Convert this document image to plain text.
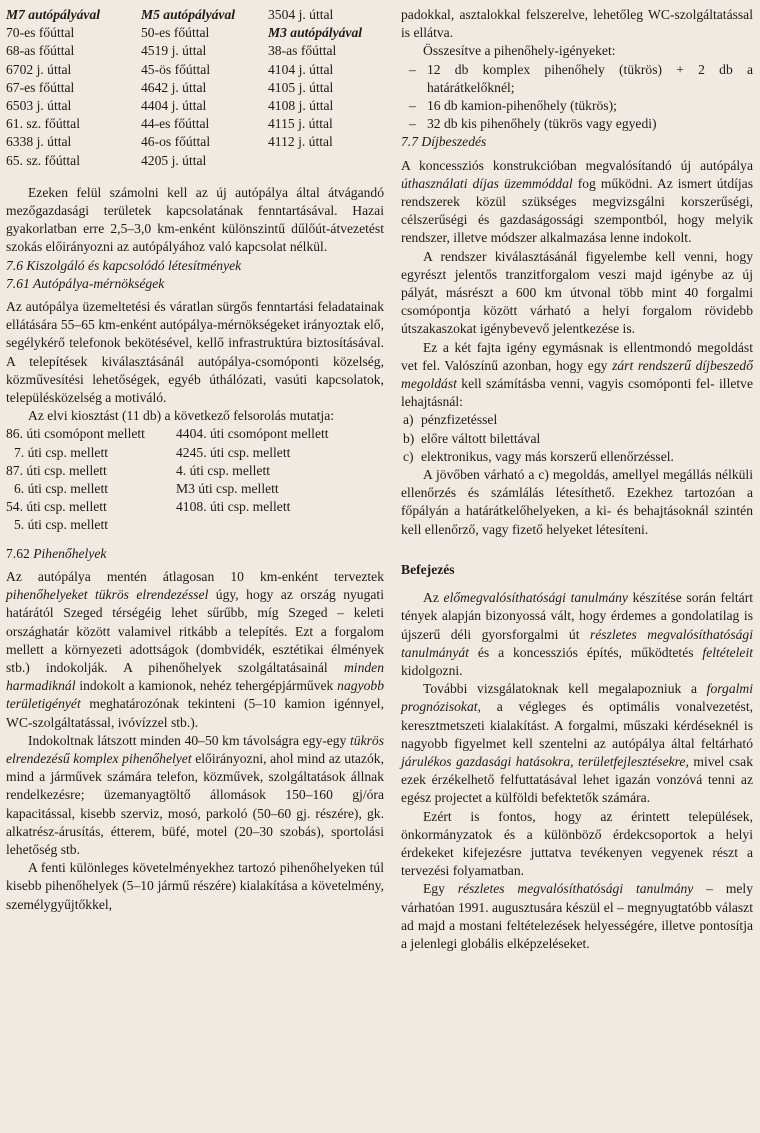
M7 autópályával	M5 autópályával	3504 j. úttal
70-es főúttal	50-es főúttal	M3 autópályával
68-as főúttal	4519 j. úttal	38-as főúttal
6702 j. úttal	45-ös főúttal	4104 j. úttal
67-es főúttal	4642 j. úttal	4105 j. úttal
6503 j. úttal	4404 j. úttal	4108 j. úttal
61. sz. főúttal	44-es főúttal	4115 j. úttal
6338 j. úttal	46-os főúttal	4112 j. úttal
65. sz. főúttal	4205 j. úttal

Ezeken felül számolni kell az új autópálya által átvágandó mezőgazdasági területek kapcsolatának fenntartásával. Hazai gyakorlatban erre 2,5–3,0 km-enként különszintű dűlőút-átvezetést szokás előirányozni az autópályához való kapcsolat nélkül.

7.6 Kiszolgáló és kapcsolódó létesítmények

7.61 Autópálya-mérnökségek

Az autópálya üzemeltetési és váratlan sürgős fenntartási feladatainak ellátására 55–65 km-enként autópálya-mérnökségeket irányoztak elő, segélykérő telefonok bekötésével, kellő infrastruktúra biztosításával. A telepítések kiválasztásánál autópálya-csomóponti közelség, közművesítési lehetőségek, egyéb úthálózati, vasúti kapcsolatok, településközelség a motiváló.

Az elvi kiosztást (11 db) a következő felsorolás mutatja:

86. úti csomópont mellett	4404. úti csomópont mellett
7. úti csp. mellett	4245. úti csp. mellett
87. úti csp. mellett	4. úti csp. mellett
6. úti csp. mellett	M3 úti csp. mellett
54. úti csp. mellett	4108. úti csp. mellett
5. úti csp. mellett

7.62 Pihenőhelyek

Az autópálya mentén átlagosan 10 km-enként terveztek pihenőhelyeket tükrös elrendezéssel úgy, hogy az ország nyugati határától Szeged térségéig lehet sűrűbb, míg Szeged – keleti országhatár között valamivel ritkább a telepítés. Ezt a forgalom mellett a környezeti adottságok (dombvidék, esztétikai élmények stb.) indokolják. A pihenőhelyek szolgáltatásainál minden harmadiknál indokolt a kamionok, nehéz tehergépjárművek nagyobb területigényét meghatározónak tekinteni (5–10 kamion igénnyel, WC-szolgáltatással, ivóvízzel stb.).

Indokoltnak látszott minden 40–50 km távolságra egy-egy tükrös elrendezésű komplex pihenőhelyet előirányozni, ahol mind az utazók, mind a járművek számára telefon, közművek, szolgáltatások állnak rendelkezésre; üzemanyagtöltő állomások 150–160 gj/óra kapacitással, kisebb szerviz, mosó, parkoló (50–60 gj. részére), gk. alkatrész-árusítás, étterem, büfé, motel (20–30 szobás), sportolási lehetőség stb.

A fenti különleges követelményekhez tartozó pihenőhelyeken túl kisebb pihenőhelyek (5–10 jármű részére) kialakítása a követelmény, személygyűjtőkkel,

padokkal, asztalokkal felszerelve, lehetőleg WC-szolgáltatással is ellátva.

Összesítve a pihenőhely-igényeket:

– 12 db komplex pihenőhely (tükrös) + 2 db a határátkelőknél;
– 16 db kamion-pihenőhely (tükrös);
– 32 db kis pihenőhely (tükrös vagy egyedi)

7.7 Díjbeszedés

A koncessziós konstrukcióban megvalósítandó új autópálya úthasználati díjas üzemmóddal fog működni. Az ismert útdíjas rendszerek közül szükséges megvizsgálni korszerűségi, célszerűségi és gazdaságossági szempontból, hogy melyik rendszer, illetve módszer alkalmazása lenne indokolt.

A rendszer kiválasztásánál figyelembe kell venni, hogy egyrészt jelentős tranzitforgalom veszi majd igénybe az új pályát, másrészt a 600 km útvonal több mint 40 forgalmi csomópontja között várható a helyi forgalom rövidebb útszakaszokat igénybevevő jelentkezése is.

Ez a két fajta igény egymásnak is ellentmondó megoldást vet fel. Valószínű azonban, hogy egy zárt rendszerű díjbeszedő megoldást kell számításba venni, vagyis csomóponti fel- illetve lehajtásnál:

a) pénzfizetéssel
b) előre váltott bilettával
c) elektronikus, vagy más korszerű ellenőrzéssel.

A jövőben várható a c) megoldás, amellyel megállás nélküli ellenőrzés és számlálás létesíthető. Ezekhez tartozóan a főpályán a határátkelőhelyeken, a ki- és behajtásoknál szintén kell ellenőrző, vagy fizető helyeket létesíteni.

Befejezés

Az előmegvalósíthatósági tanulmány készítése során feltárt tények alapján bizonyossá vált, hogy érdemes a gondolatilag is újszerű déli gyorsforgalmi út részletes megvalósíthatósági tanulmányát és a koncessziós építés, működtetés feltételeit kidolgozni.

További vizsgálatoknak kell megalapozniuk a forgalmi prognózisokat, a végleges és optimális vonalvezetést, keresztmetszeti kialakítást. A forgalmi, műszaki kérdéseknél is nagyobb figyelmet kell szentelni az autópálya által feltárható járulékos gazdasági hatásokra, területfejlesztésekre, mivel csak ezek érzékelhető felfuttatásával lehet igazán vonzóvá tenni az egész projectet a külföldi befektetők számára.

Ezért is fontos, hogy az érintett települések, önkormányzatok és a különböző érdekcsoportok a helyi érdekeket kifejezésre juttatva tevékenyen vegyenek részt a tervezési folyamatban.

Egy részletes megvalósíthatósági tanulmány – mely várhatóan 1991. augusztusára készül el – megnyugtatóbb választ ad majd a mostani feltételezések helyességére, illetve pontosítja a jelenlegi globális elképzeléseket.
